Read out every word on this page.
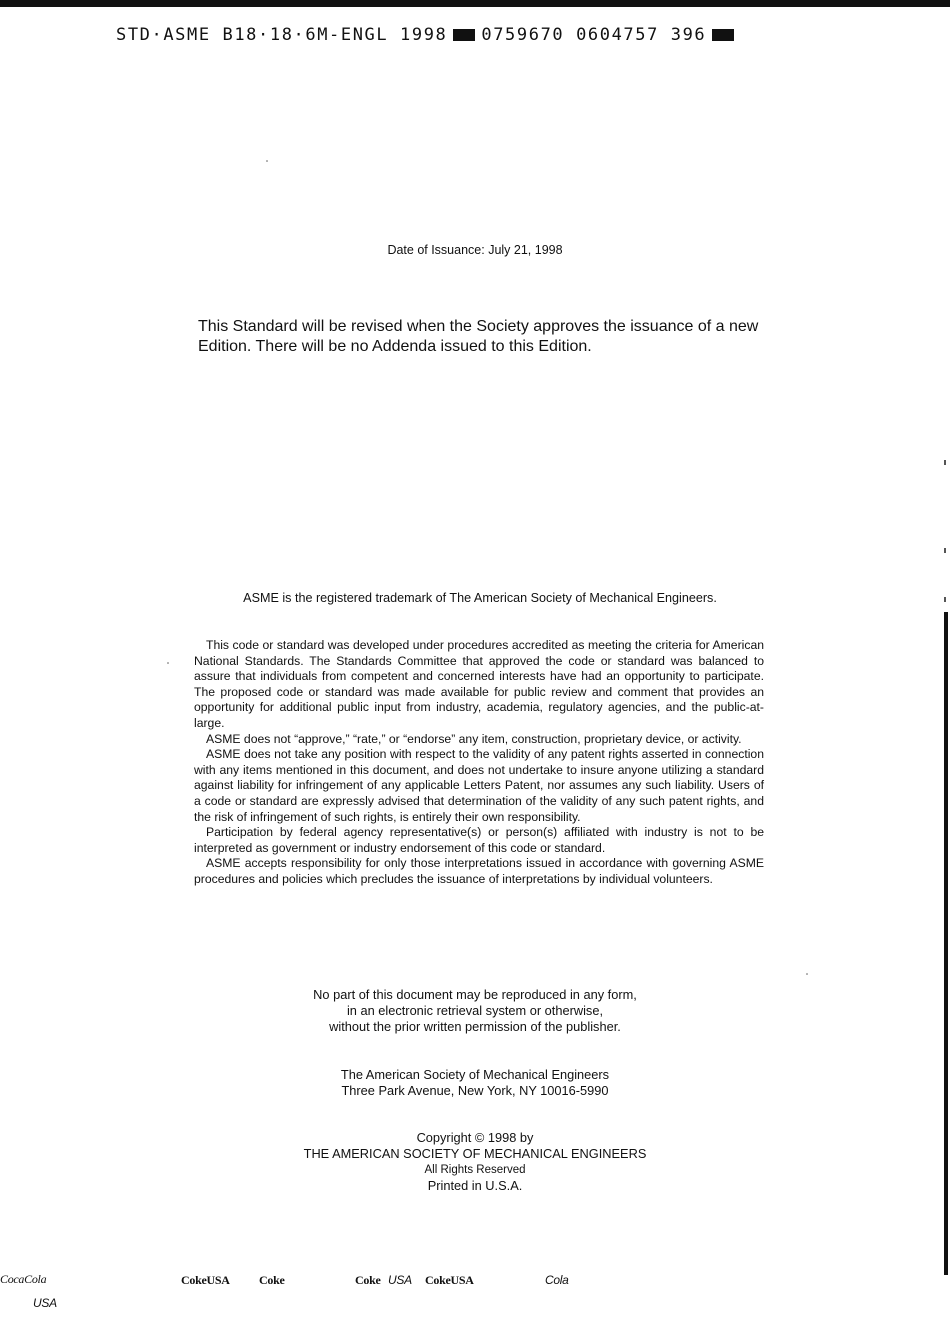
STD·ASME B18·18·6M-ENGL 1998 0759670 0604757 396
Date of Issuance: July 21, 1998
This Standard will be revised when the Society approves the issuance of a new Edition. There will be no Addenda issued to this Edition.
ASME is the registered trademark of The American Society of Mechanical Engineers.

This code or standard was developed under procedures accredited as meeting the criteria for American National Standards. The Standards Committee that approved the code or standard was balanced to assure that individuals from competent and concerned interests have had an opportunity to participate. The proposed code or standard was made available for public review and comment that provides an opportunity for additional public input from industry, academia, regulatory agencies, and the public-at-large.

ASME does not “approve,” “rate,” or “endorse” any item, construction, proprietary device, or activity.

ASME does not take any position with respect to the validity of any patent rights asserted in connection with any items mentioned in this document, and does not undertake to insure anyone utilizing a standard against liability for infringement of any applicable Letters Patent, nor assumes any such liability. Users of a code or standard are expressly advised that determination of the validity of any such patent rights, and the risk of infringement of such rights, is entirely their own responsibility.

Participation by federal agency representative(s) or person(s) affiliated with industry is not to be interpreted as government or industry endorsement of this code or standard.

ASME accepts responsibility for only those interpretations issued in accordance with governing ASME procedures and policies which precludes the issuance of interpretations by individual volunteers.

No part of this document may be reproduced in any form,
in an electronic retrieval system or otherwise,
without the prior written permission of the publisher.
The American Society of Mechanical Engineers
Three Park Avenue, New York, NY 10016-5990
Copyright © 1998 by
THE AMERICAN SOCIETY OF MECHANICAL ENGINEERS
All Rights Reserved
Printed in U.S.A.
CocaCola
USA
CokeUSA Coke	Coke USA CokeUSA	Cola
